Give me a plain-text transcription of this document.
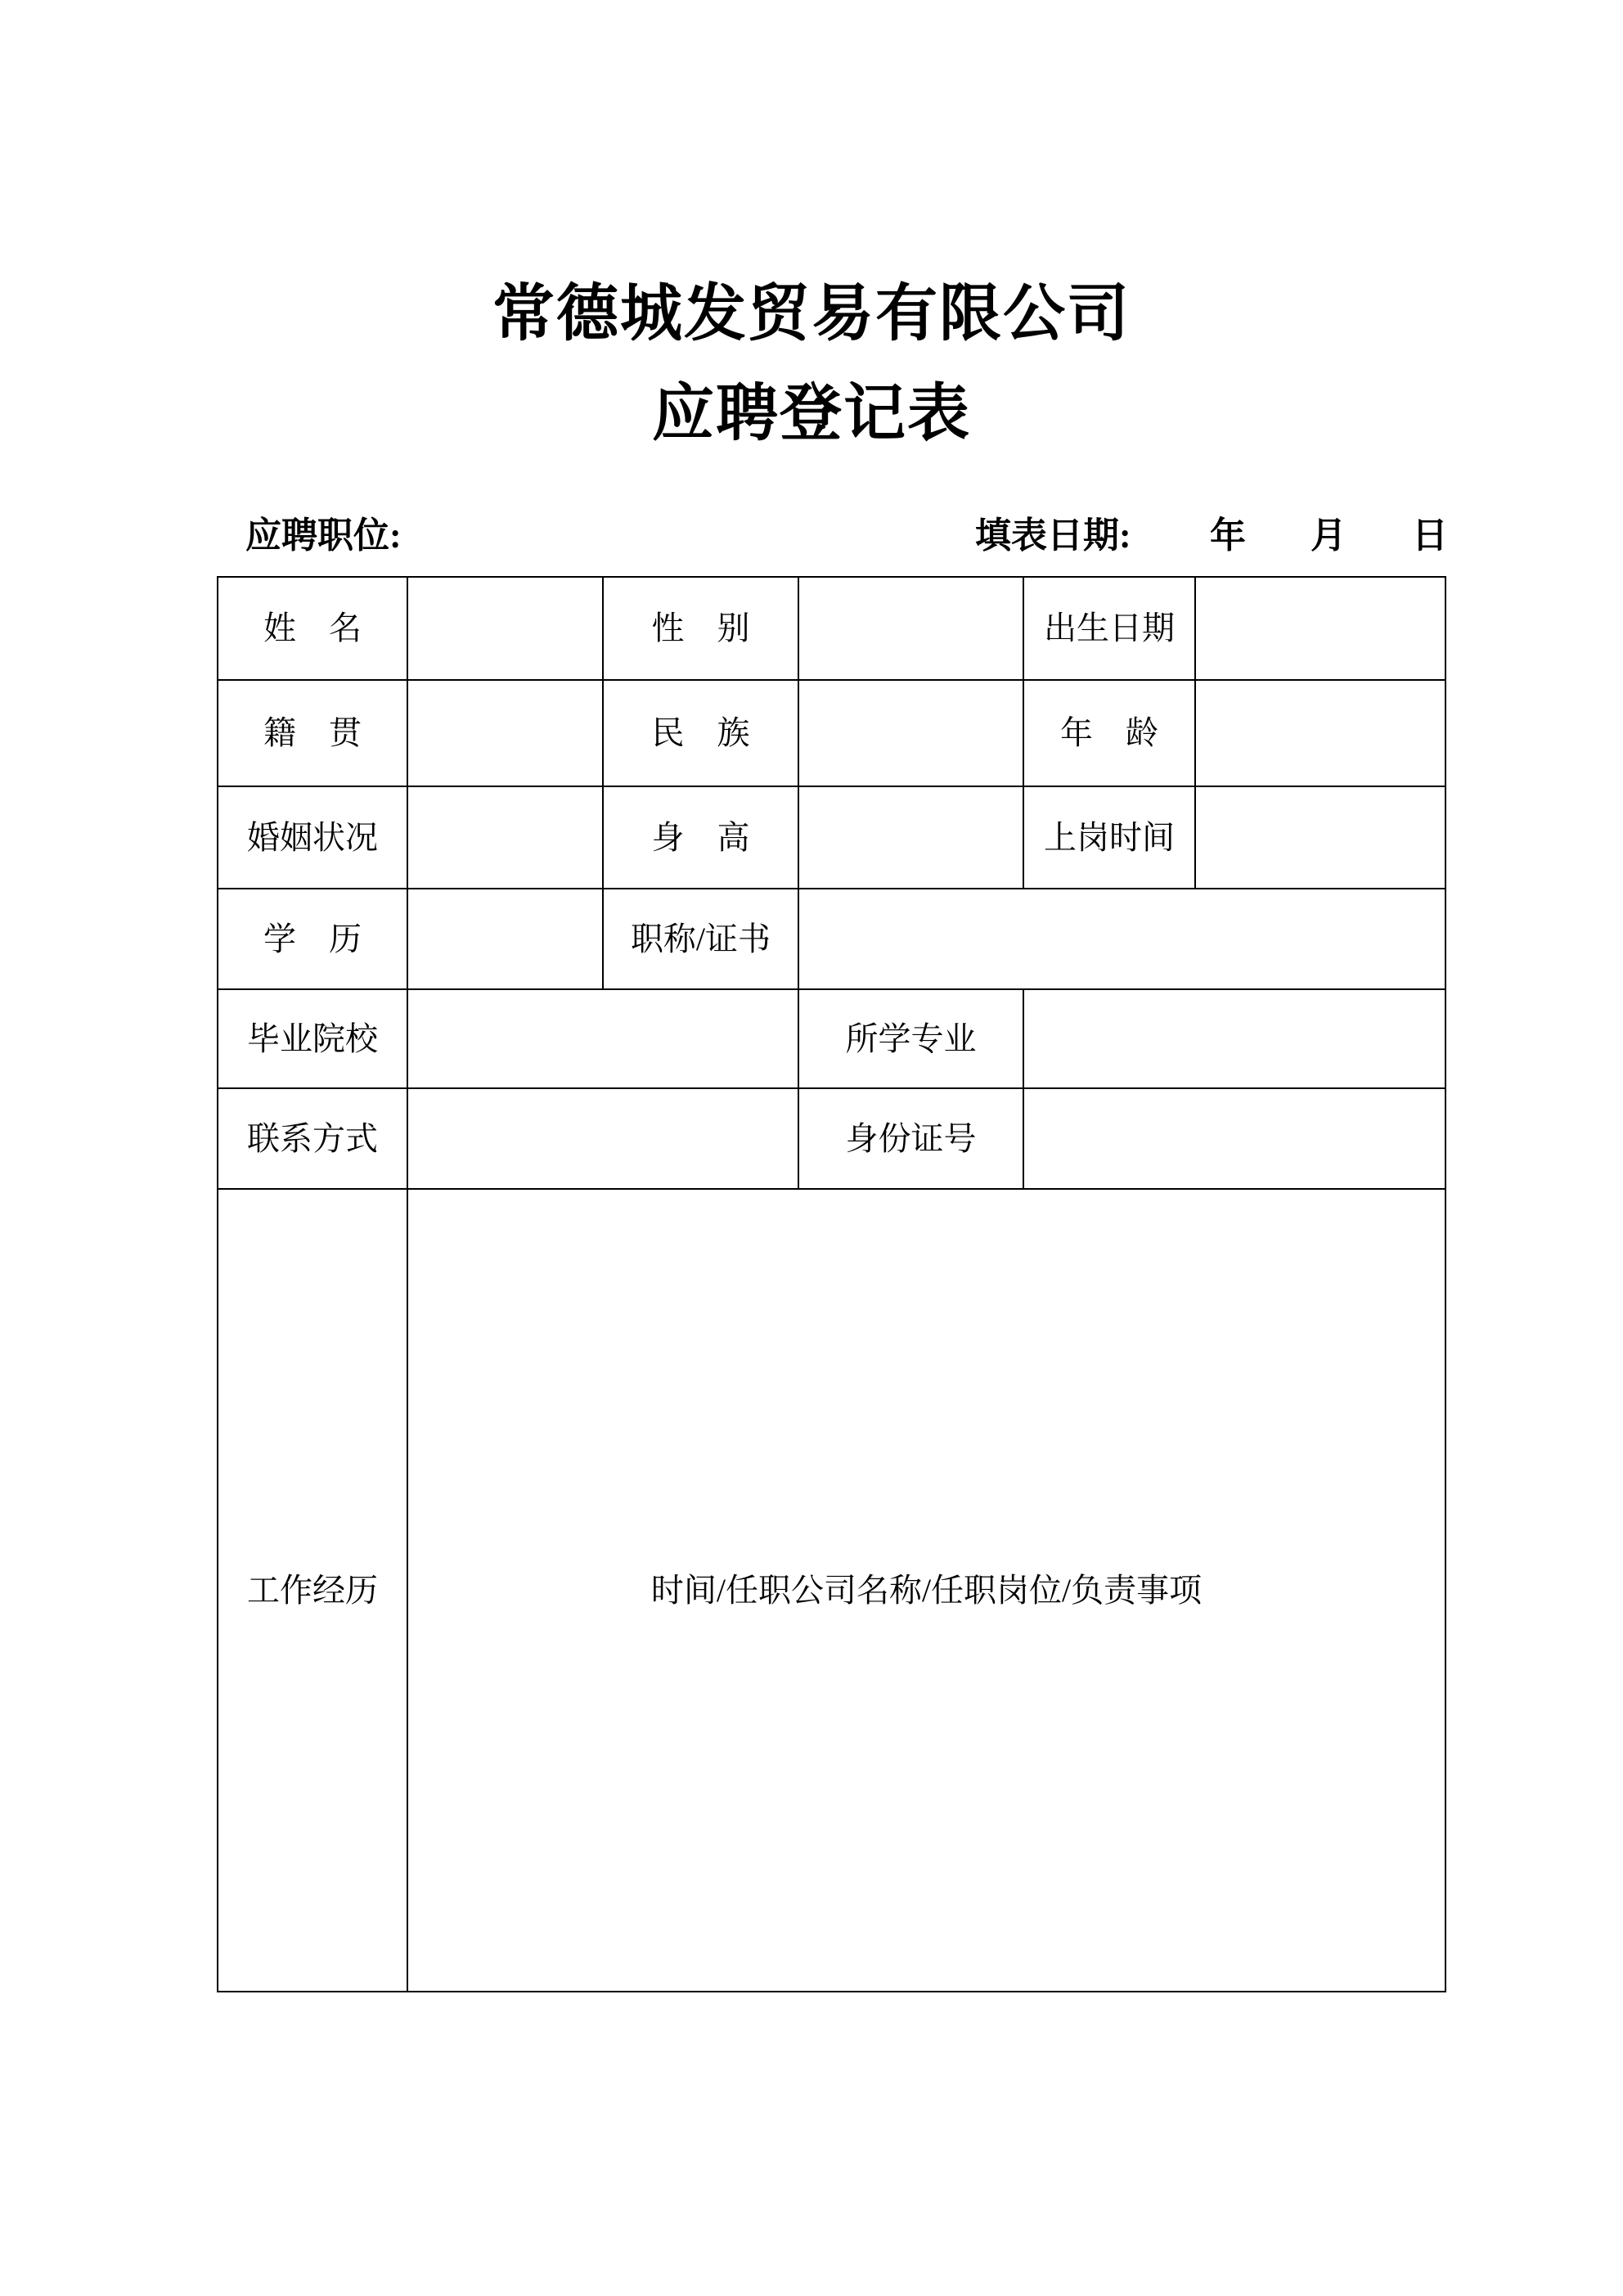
常德城发贸易有限公司
应聘登记表
应聘职位:	填表日期: 年 月 日
姓　名		性　别		出生日期	
籍　贯		民　族		年　龄	
婚姻状况		身　高		上岗时间	
学　历		职称/证书			
毕业院校			所学专业		
联系方式			身份证号		
工作经历	时间/任职公司名称/任职岗位/负责事项				
